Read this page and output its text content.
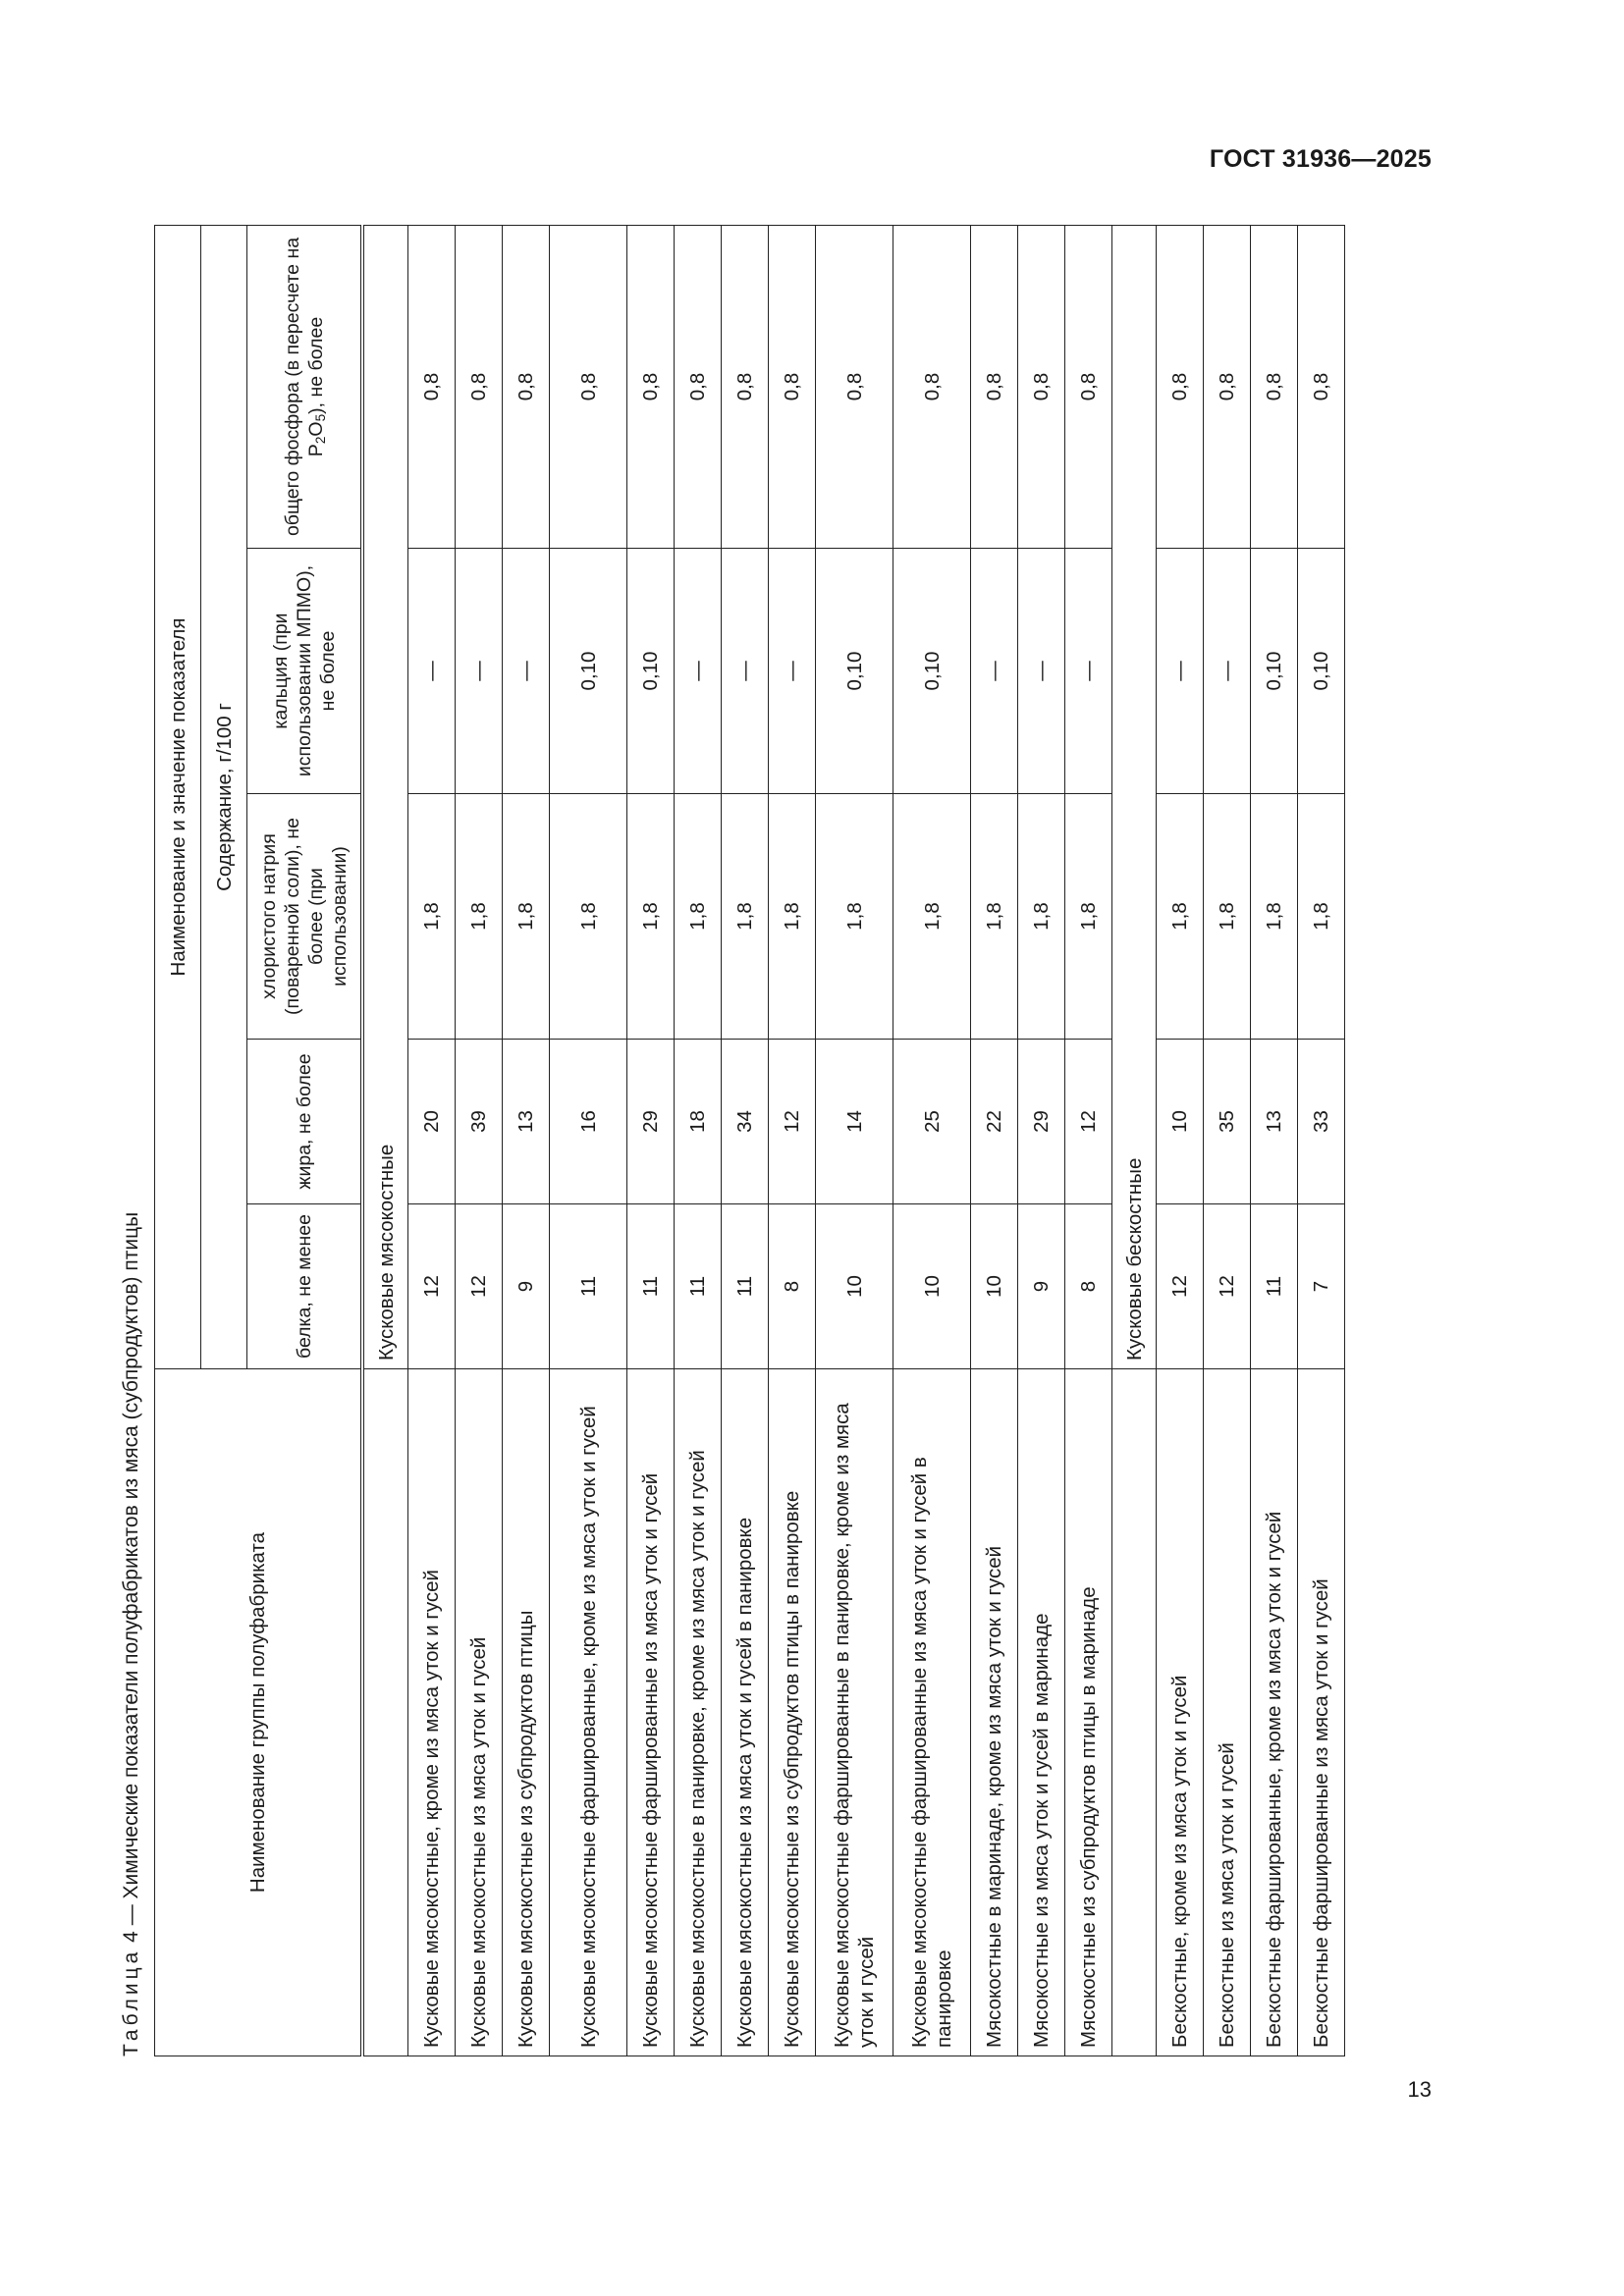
ГОСТ 31936—2025
Таблица 4 — Химические показатели полуфабрикатов из мяса (субпродуктов) птицы	Наименование группы полуфабриката	Наименование и значение показателя				
	Содержание, г/100 г				
	белка, не менее	жира, не более	хлористого натрия (поваренной соли), не более (при использовании)	кальция (при использовании МПМО), не более	общего фосфора (в пересчете на $P_2O_5$), не более
	Кусковые мясокостные				
Кусковые мясокостные, кроме из мяса уток и гусей	12	20	1,8	—	0,8
Кусковые мясокостные из мяса уток и гусей	12	39	1,8	—	0,8
Кусковые мясокостные из субпродуктов птицы	9	13	1,8	—	0,8
Кусковые мясокостные фаршированные, кроме из мяса уток и гусей	11	16	1,8	0,10	0,8
Кусковые мясокостные фаршированные из мяса уток и гусей	11	29	1,8	0,10	0,8
Кусковые мясокостные в панировке, кроме из мяса уток и гусей	11	18	1,8	—	0,8
Кусковые мясокостные из мяса уток и гусей в панировке	11	34	1,8	—	0,8
Кусковые мясокостные из субпродуктов птицы в панировке	8	12	1,8	—	0,8
Кусковые мясокостные фаршированные в панировке, кроме из мяса уток и гусей	10	14	1,8	0,10	0,8
Кусковые мясокостные фаршированные из мяса уток и гусей в панировке	10	25	1,8	0,10	0,8
Мясокостные в маринаде, кроме из мяса уток и гусей	10	22	1,8	—	0,8
Мясокостные из мяса уток и гусей в маринаде	9	29	1,8	—	0,8
Мясокостные из субпродуктов птицы в маринаде	8	12	1,8	—	0,8
	Кусковые бескостные				
Бескостные, кроме из мяса уток и гусей	12	10	1,8	—	0,8
Бескостные из мяса уток и гусей	12	35	1,8	—	0,8
Бескостные фаршированные, кроме из мяса уток и гусей	11	13	1,8	0,10	0,8
Бескостные фаршированные из мяса уток и гусей	7	33	1,8	0,10	0,8
13
